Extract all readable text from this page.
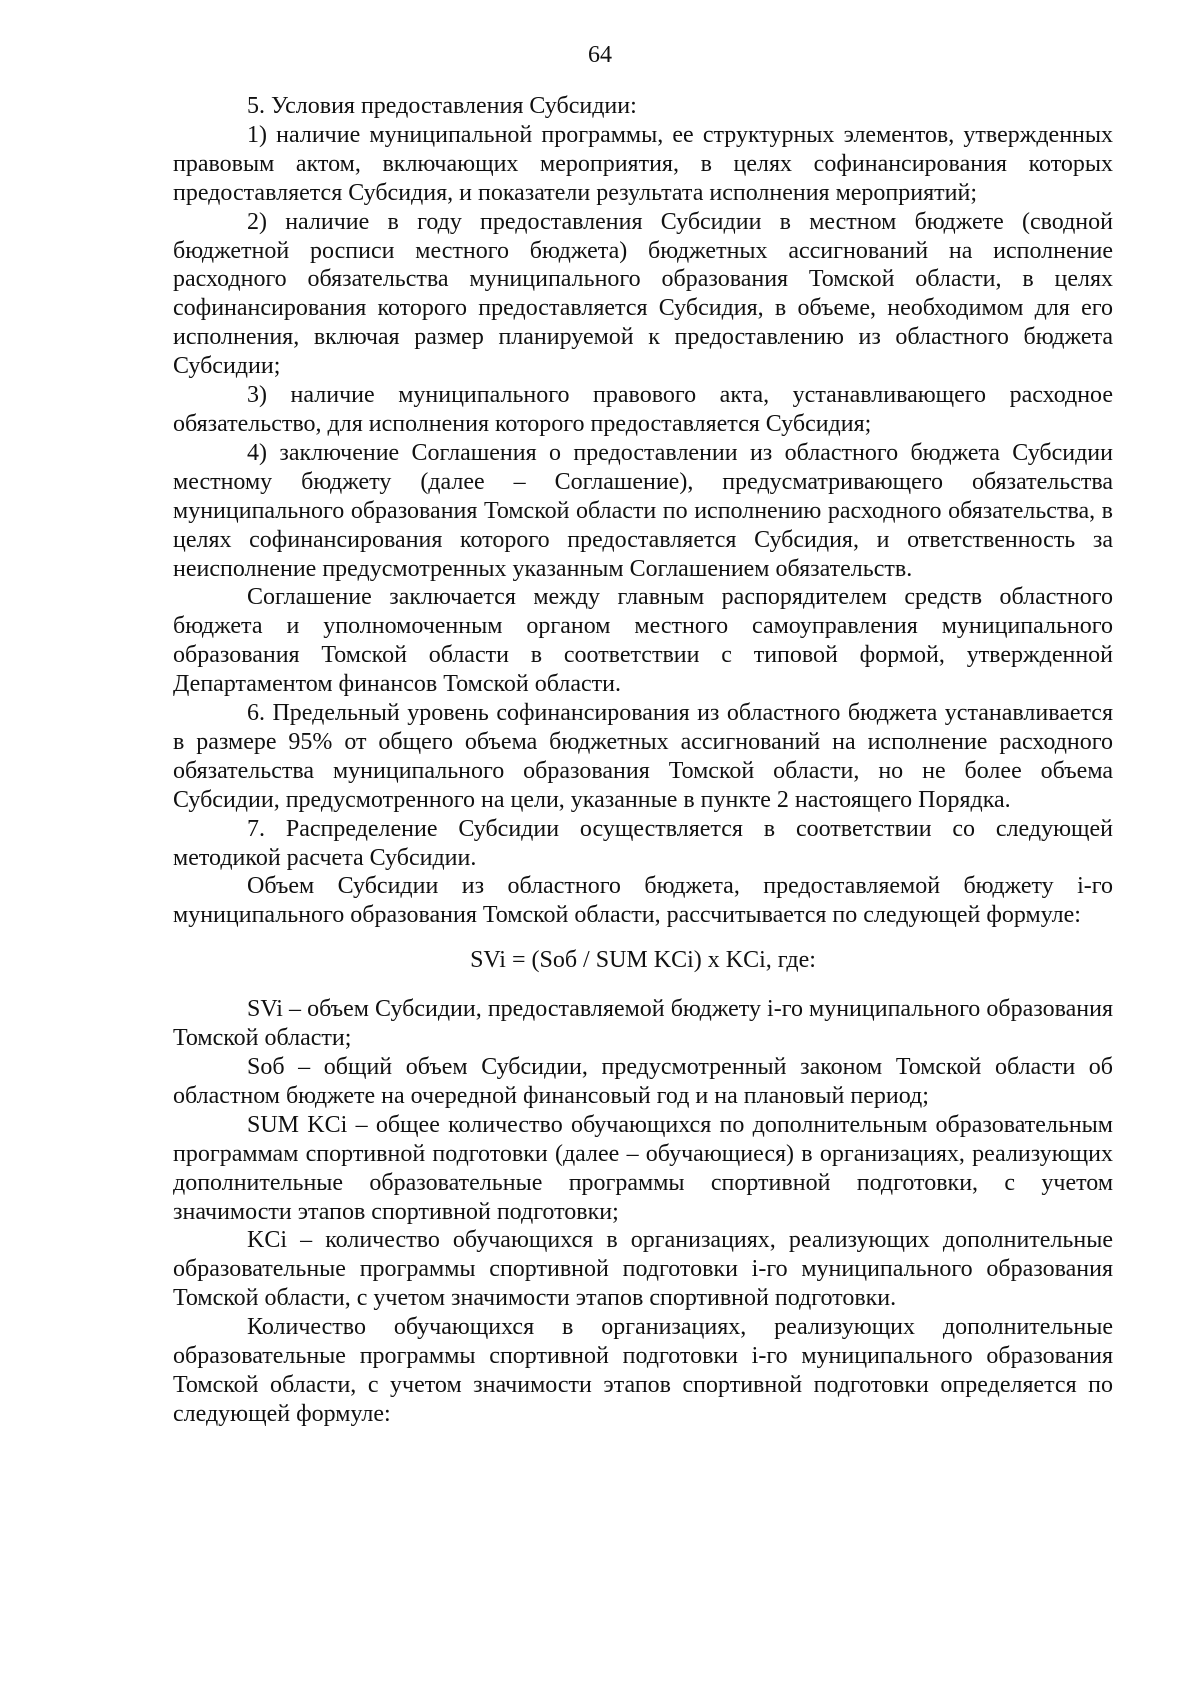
64

5. Условия предоставления Субсидии:

1) наличие муниципальной программы, ее структурных элементов, утвержденных правовым актом, включающих мероприятия, в целях софинансирования которых предоставляется Субсидия, и показатели результата исполнения мероприятий;

2) наличие в году предоставления Субсидии в местном бюджете (сводной бюджетной росписи местного бюджета) бюджетных ассигнований на исполнение расходного обязательства муниципального образования Томской области, в целях софинансирования которого предоставляется Субсидия, в объеме, необходимом для его исполнения, включая размер планируемой к предоставлению из областного бюджета Субсидии;

3) наличие муниципального правового акта, устанавливающего расходное обязательство, для исполнения которого предоставляется Субсидия;

4) заключение Соглашения о предоставлении из областного бюджета Субсидии местному бюджету (далее – Соглашение), предусматривающего обязательства муниципального образования Томской области по исполнению расходного обязательства, в целях софинансирования которого предоставляется Субсидия, и ответственность за неисполнение предусмотренных указанным Соглашением обязательств.

Соглашение заключается между главным распорядителем средств областного бюджета и уполномоченным органом местного самоуправления муниципального образования Томской области в соответствии с типовой формой, утвержденной Департаментом финансов Томской области.

6. Предельный уровень софинансирования из областного бюджета устанавливается в размере 95% от общего объема бюджетных ассигнований на исполнение расходного обязательства муниципального образования Томской области, но не более объема Субсидии, предусмотренного на цели, указанные в пункте 2 настоящего Порядка.

7. Распределение Субсидии осуществляется в соответствии со следующей методикой расчета Субсидии.

Объем Субсидии из областного бюджета, предоставляемой бюджету i-го муниципального образования Томской области, рассчитывается по следующей формуле:

SVi = (Sоб / SUM KCi) x KCi, где:

SVi – объем Субсидии, предоставляемой бюджету i-го муниципального образования Томской области;

Sоб – общий объем Субсидии, предусмотренный законом Томской области об областном бюджете на очередной финансовый год и на плановый период;

SUM KCi – общее количество обучающихся по дополнительным образовательным программам спортивной подготовки (далее – обучающиеся) в организациях, реализующих дополнительные образовательные программы спортивной подготовки, с учетом значимости этапов спортивной подготовки;

KCi – количество обучающихся в организациях, реализующих дополнительные образовательные программы спортивной подготовки i-го муниципального образования Томской области, с учетом значимости этапов спортивной подготовки.

Количество обучающихся в организациях, реализующих дополнительные образовательные программы спортивной подготовки i-го муниципального образования Томской области, с учетом значимости этапов спортивной подготовки определяется по следующей формуле:
